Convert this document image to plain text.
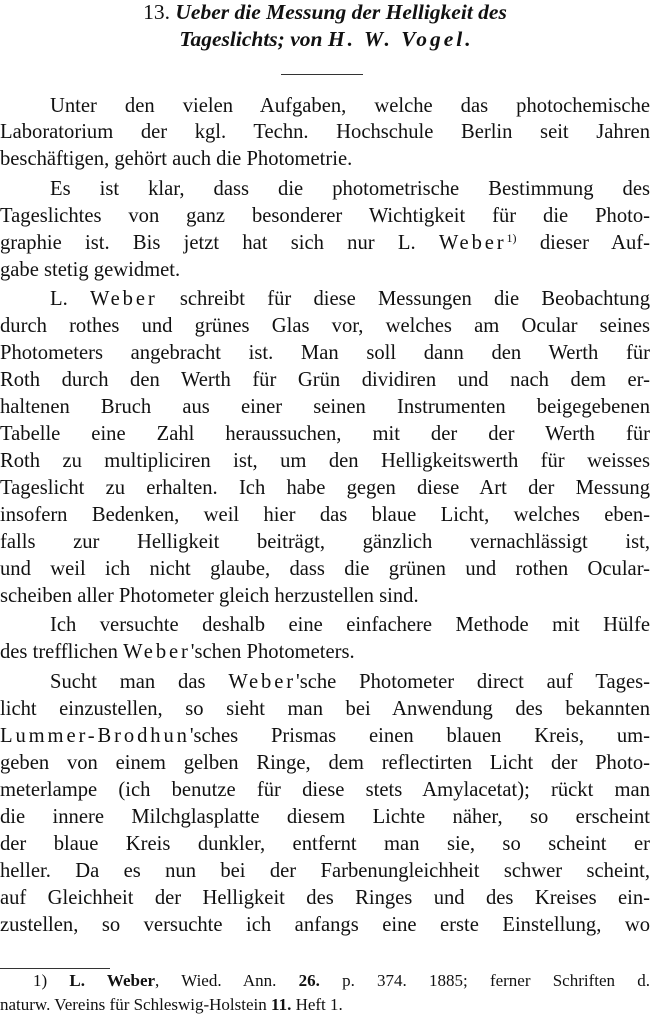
13. Ueber die Messung der Helligkeit des
Tageslichts; von H. W. Vogel.
Unter den vielen Aufgaben, welche das photochemische
Laboratorium der kgl. Techn. Hochschule Berlin seit Jahren
beschäftigen, gehört auch die Photometrie.
Es ist klar, dass die photometrische Bestimmung des
Tageslichtes von ganz besonderer Wichtigkeit für die Photo-
graphie ist. Bis jetzt hat sich nur L. Weber$^{1)}$ dieser Auf-
gabe stetig gewidmet.
L. Weber schreibt für diese Messungen die Beobachtung
durch rothes und grünes Glas vor, welches am Ocular seines
Photometers angebracht ist. Man soll dann den Werth für
Roth durch den Werth für Grün dividiren und nach dem er-
haltenen Bruch aus einer seinen Instrumenten beigegebenen
Tabelle eine Zahl heraussuchen, mit der der Werth für
Roth zu multipliciren ist, um den Helligkeitswerth für weisses
Tageslicht zu erhalten. Ich habe gegen diese Art der Messung
insofern Bedenken, weil hier das blaue Licht, welches eben-
falls zur Helligkeit beiträgt, gänzlich vernachlässigt ist,
und weil ich nicht glaube, dass die grünen und rothen Ocular-
scheiben aller Photometer gleich herzustellen sind.
Ich versuchte deshalb eine einfachere Methode mit Hülfe
des trefflichen Weber'schen Photometers.
Sucht man das Weber'sche Photometer direct auf Tages-
licht einzustellen, so sieht man bei Anwendung des bekannten
Lummer-Brodhun'sches Prismas einen blauen Kreis, um-
geben von einem gelben Ringe, dem reflectirten Licht der Photo-
meterlampe (ich benutze für diese stets Amylacetat); rückt man
die innere Milchglasplatte diesem Lichte näher, so erscheint
der blaue Kreis dunkler, entfernt man sie, so scheint er
heller. Da es nun bei der Farbenungleichheit schwer scheint,
auf Gleichheit der Helligkeit des Ringes und des Kreises ein-
zustellen, so versuchte ich anfangs eine erste Einstellung, wo
1) L. Weber, Wied. Ann. 26. p. 374. 1885; ferner Schriften d.
naturw. Vereins für Schleswig-Holstein 11. Heft 1.
